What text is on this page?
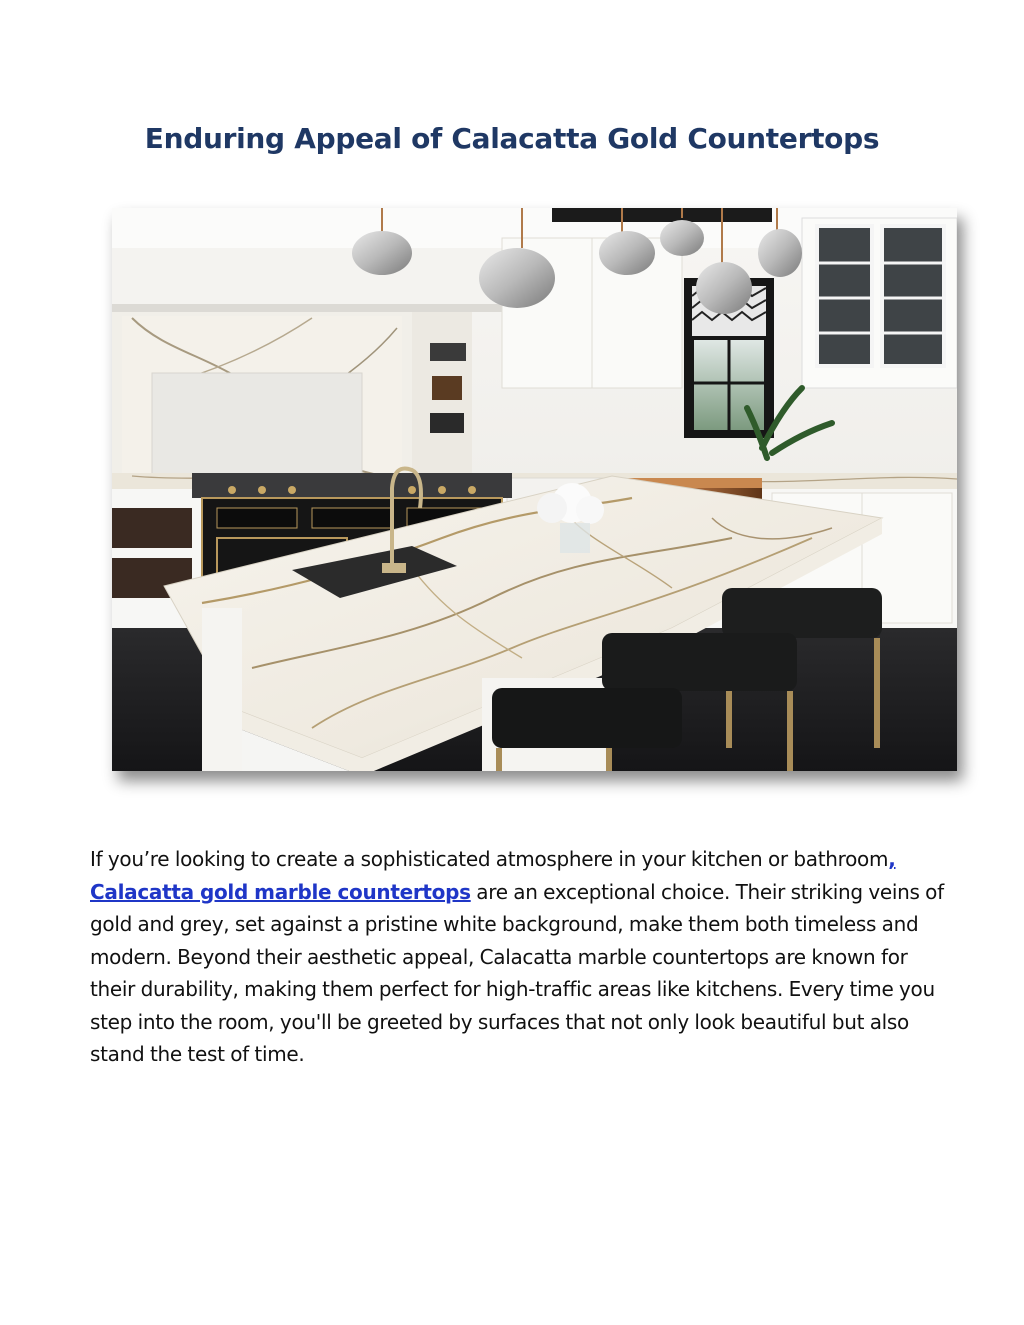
Enduring Appeal of Calacatta Gold Countertops

If you’re looking to create a sophisticated atmosphere in your kitchen or bathroom, Calacatta gold marble countertops are an exceptional choice. Their striking veins of gold and grey, set against a pristine white background, make them both timeless and modern. Beyond their aesthetic appeal, Calacatta marble countertops are known for their durability, making them perfect for high-traffic areas like kitchens. Every time you step into the room, you'll be greeted by surfaces that not only look beautiful but also stand the test of time.
